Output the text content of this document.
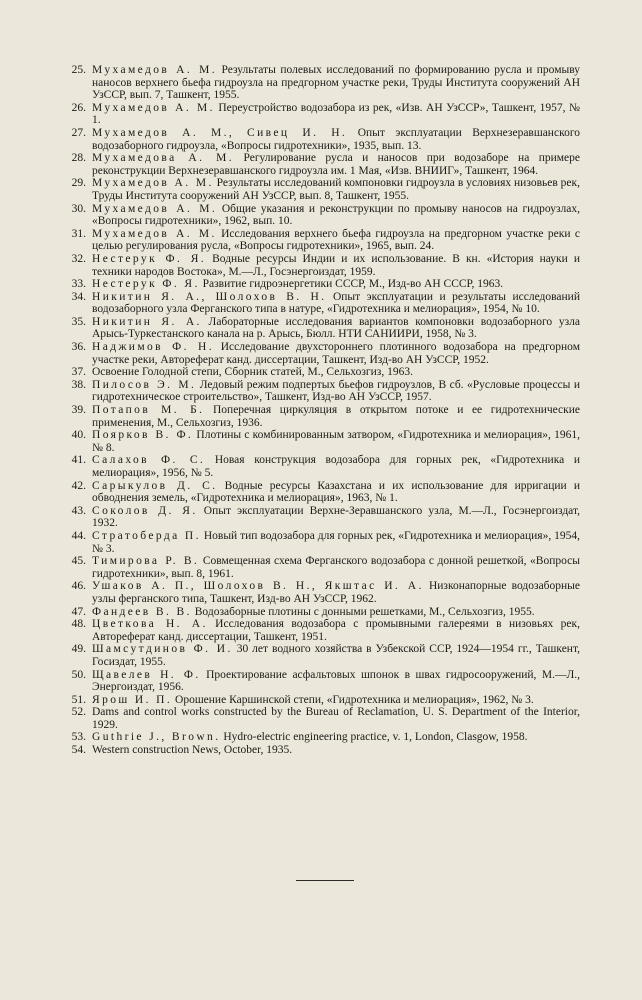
25. Мухамедов А. М. Результаты полевых исследований по формированию русла и промыву наносов верхнего бьефа гидроузла на предгорном участке реки, Труды Института сооружений АН УзССР, вып. 7, Ташкент, 1955.
26. Мухамедов А. М. Переустройство водозабора из рек, «Изв. АН УзССР», Ташкент, 1957, № 1.
27. Мухамедов А. М., Сивец И. Н. Опыт эксплуатации Верхнезеравшанского водозаборного гидроузла, «Вопросы гидротехники», 1935, вып. 13.
28. Мухамедова А. М. Регулирование русла и наносов при водозаборе на примере реконструкции Верхнезеравшанского гидроузла им. 1 Мая, «Изв. ВНИИГ», Ташкент, 1964.
29. Мухамедов А. М. Результаты исследований компоновки гидроузла в условиях низовьев рек, Труды Института сооружений АН УзССР, вып. 8, Ташкент, 1955.
30. Мухамедов А. М. Общие указания и реконструкции по промыву наносов на гидроузлах, «Вопросы гидротехники», 1962, вып. 10.
31. Мухамедов А. М. Исследования верхнего бьефа гидроузла на предгорном участке реки с целью регулирования русла, «Вопросы гидротехники», 1965, вып. 24.
32. Нестерук Ф. Я. Водные ресурсы Индии и их использование. В кн. «История науки и техники народов Востока», М.—Л., Госэнергоиздат, 1959.
33. Нестерук Ф. Я. Развитие гидроэнергетики СССР, М., Изд-во АН СССР, 1963.
34. Никитин Я. А., Шолохов В. Н. Опыт эксплуатации и результаты исследований водозаборного узла Ферганского типа в натуре, «Гидротехника и мелиорация», 1954, № 10.
35. Никитин Я. А. Лабораторные исследования вариантов компоновки водозаборного узла Арысь-Туркестанского канала на р. Арысь, Бюлл. НТИ САНИИРИ, 1958, № 3.
36. Наджимов Ф. Н. Исследование двухстороннего плотинного водозабора на предгорном участке реки, Автореферат канд. диссертации, Ташкент, Изд-во АН УзССР, 1952.
37. Освоение Голодной степи, Сборник статей, М., Сельхозгиз, 1963.
38. Пилосов Э. М. Ледовый режим подпертых бьефов гидроузлов, В сб. «Русловые процессы и гидротехническое строительство», Ташкент, Изд-во АН УзССР, 1957.
39. Потапов М. Б. Поперечная циркуляция в открытом потоке и ее гидротехнические применения, М., Сельхозгиз, 1936.
40. Поярков В. Ф. Плотины с комбинированным затвором, «Гидротехника и мелиорация», 1961, № 8.
41. Салахов Ф. С. Новая конструкция водозабора для горных рек, «Гидротехника и мелиорация», 1956, № 5.
42. Сарыкулов Д. С. Водные ресурсы Казахстана и их использование для ирригации и обводнения земель, «Гидротехника и мелиорация», 1963, № 1.
43. Соколов Д. Я. Опыт эксплуатации Верхне-Зеравшанского узла, М.—Л., Госэнергоиздат, 1932.
44. Стратоберда П. Новый тип водозабора для горных рек, «Гидротехника и мелиорация», 1954, № 3.
45. Тимирова Р. В. Совмещенная схема Ферганского водозабора с донной решеткой, «Вопросы гидротехники», вып. 8, 1961.
46. Ушаков А. П., Шолохов В. Н., Якштас И. А. Низконапорные водозаборные узлы ферганского типа, Ташкент, Изд-во АН УзССР, 1962.
47. Фандеев В. В. Водозаборные плотины с донными решетками, М., Сельхозгиз, 1955.
48. Цветкова Н. А. Исследования водозабора с промывными галереями в низовьях рек, Автореферат канд. диссертации, Ташкент, 1951.
49. Шамсутдинов Ф. И. 30 лет водного хозяйства в Узбекской ССР, 1924—1954 гг., Ташкент, Госиздат, 1955.
50. Щавелев Н. Ф. Проектирование асфальтовых шпонок в швах гидросооружений, М.—Л., Энергоиздат, 1956.
51. Ярош И. П. Орошение Каршинской степи, «Гидротехника и мелиорация», 1962, № 3.
52. Dams and control works constructed by the Bureau of Reclamation, U. S. Department of the Interior, 1929.
53. Guthrie J., Brown. Hydro-electric engineering practice, v. 1, London, Clasgow, 1958.
54. Western construction News, October, 1935.
